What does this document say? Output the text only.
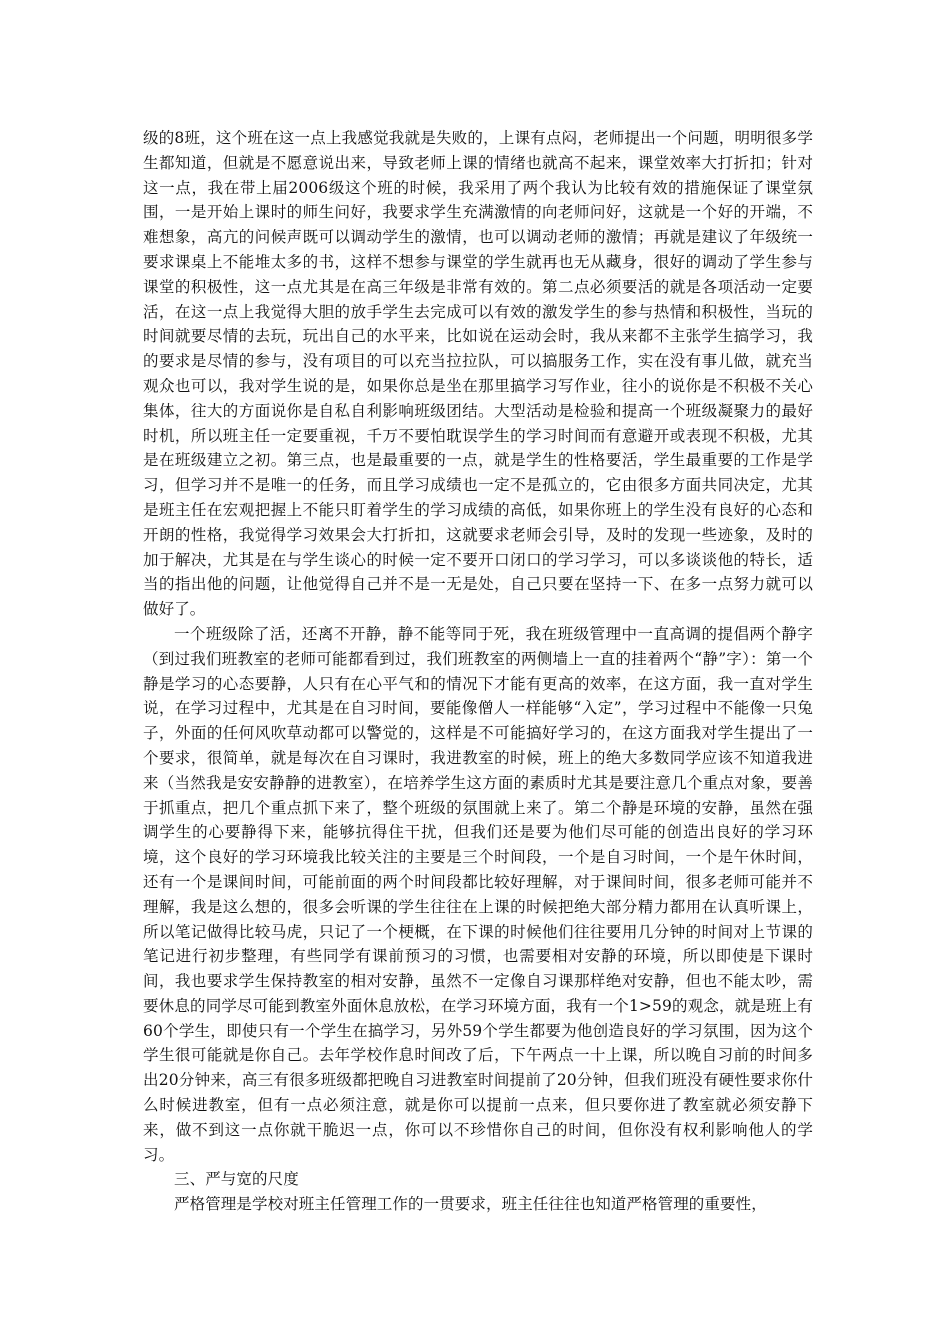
级的8班，这个班在这一点上我感觉我就是失败的，上课有点闷，老师提出一个问题，明明很多学生都知道，但就是不愿意说出来，导致老师上课的情绪也就高不起来，课堂效率大打折扣；针对这一点，我在带上届2006级这个班的时候，我采用了两个我认为比较有效的措施保证了课堂氛围，一是开始上课时的师生问好，我要求学生充满激情的向老师问好，这就是一个好的开端，不难想象，高亢的问候声既可以调动学生的激情，也可以调动老师的激情；再就是建议了年级统一要求课桌上不能堆太多的书，这样不想参与课堂的学生就再也无从藏身，很好的调动了学生参与课堂的积极性，这一点尤其是在高三年级是非常有效的。第二点必须要活的就是各项活动一定要活，在这一点上我觉得大胆的放手学生去完成可以有效的激发学生的参与热情和积极性，当玩的时间就要尽情的去玩，玩出自己的水平来，比如说在运动会时，我从来都不主张学生搞学习，我的要求是尽情的参与，没有项目的可以充当拉拉队，可以搞服务工作，实在没有事儿做，就充当观众也可以，我对学生说的是，如果你总是坐在那里搞学习写作业，往小的说你是不积极不关心集体，往大的方面说你是自私自利影响班级团结。大型活动是检验和提高一个班级凝聚力的最好时机，所以班主任一定要重视，千万不要怕耽误学生的学习时间而有意避开或表现不积极，尤其是在班级建立之初。第三点，也是最重要的一点，就是学生的性格要活，学生最重要的工作是学习，但学习并不是唯一的任务，而且学习成绩也一定不是孤立的，它由很多方面共同决定，尤其是班主任在宏观把握上不能只盯着学生的学习成绩的高低，如果你班上的学生没有良好的心态和开朗的性格，我觉得学习效果会大打折扣，这就要求老师会引导，及时的发现一些迹象，及时的加于解决，尤其是在与学生谈心的时候一定不要开口闭口的学习学习，可以多谈谈他的特长，适当的指出他的问题，让他觉得自己并不是一无是处，自己只要在坚持一下、在多一点努力就可以做好了。

一个班级除了活，还离不开静，静不能等同于死，我在班级管理中一直高调的提倡两个静字（到过我们班教室的老师可能都看到过，我们班教室的两侧墙上一直的挂着两个“静”字）：第一个静是学习的心态要静，人只有在心平气和的情况下才能有更高的效率，在这方面，我一直对学生说，在学习过程中，尤其是在自习时间，要能像僧人一样能够“入定”，学习过程中不能像一只兔子，外面的任何风吹草动都可以警觉的，这样是不可能搞好学习的，在这方面我对学生提出了一个要求，很简单，就是每次在自习课时，我进教室的时候，班上的绝大多数同学应该不知道我进来（当然我是安安静静的进教室），在培养学生这方面的素质时尤其是要注意几个重点对象，要善于抓重点，把几个重点抓下来了，整个班级的氛围就上来了。第二个静是环境的安静，虽然在强调学生的心要静得下来，能够抗得住干扰，但我们还是要为他们尽可能的创造出良好的学习环境，这个良好的学习环境我比较关注的主要是三个时间段，一个是自习时间，一个是午休时间，还有一个是课间时间，可能前面的两个时间段都比较好理解，对于课间时间，很多老师可能并不理解，我是这么想的，很多会听课的学生往往在上课的时候把绝大部分精力都用在认真听课上，所以笔记做得比较马虎，只记了一个梗概，在下课的时候他们往往要用几分钟的时间对上节课的笔记进行初步整理，有些同学有课前预习的习惯，也需要相对安静的环境，所以即使是下课时间，我也要求学生保持教室的相对安静，虽然不一定像自习课那样绝对安静，但也不能太吵，需要休息的同学尽可能到教室外面休息放松，在学习环境方面，我有一个1>59的观念，就是班上有60个学生，即使只有一个学生在搞学习，另外59个学生都要为他创造良好的学习氛围，因为这个学生很可能就是你自己。去年学校作息时间改了后，下午两点一十上课，所以晚自习前的时间多出20分钟来，高三有很多班级都把晚自习进教室时间提前了20分钟，但我们班没有硬性要求你什么时候进教室，但有一点必须注意，就是你可以提前一点来，但只要你进了教室就必须安静下来，做不到这一点你就干脆迟一点，你可以不珍惜你自己的时间，但你没有权利影响他人的学习。

三、严与宽的尺度

严格管理是学校对班主任管理工作的一贯要求，班主任往往也知道严格管理的重要性，
